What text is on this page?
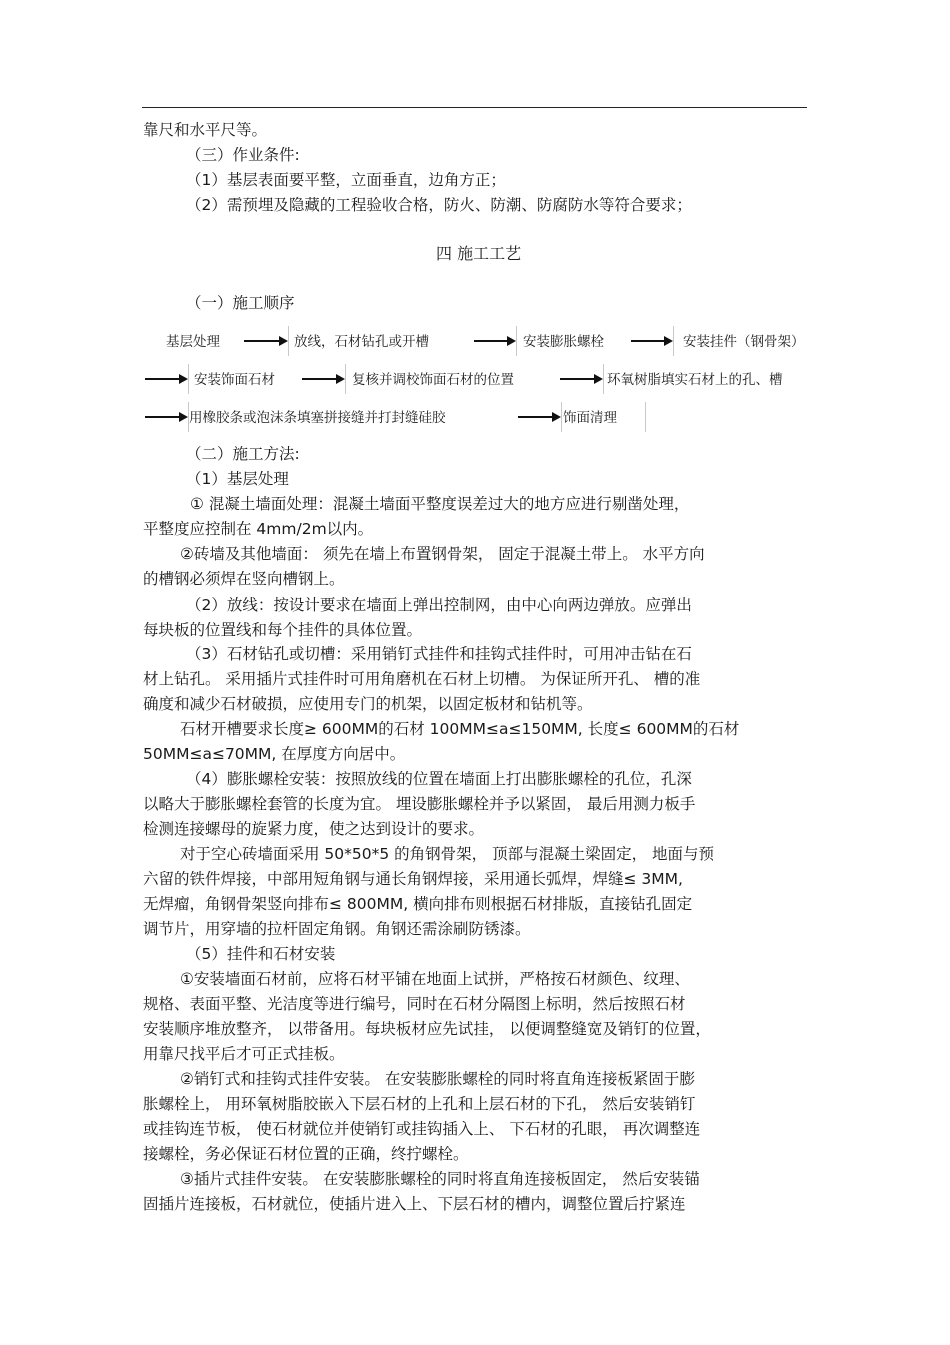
靠尺和水平尺等。
（三）作业条件:
（1）基层表面要平整，立面垂直，边角方正；
（2）需预埋及隐藏的工程验收合格，防火、防潮、防腐防水等符合要求；
四 施工工艺
（一）施工顺序
基层处理	放线，石材钻孔或开槽	安装膨胀螺栓	安装挂件（钢骨架）
安装饰面石材	复核并调校饰面石材的位置	环氧树脂填实石材上的孔、槽
用橡胶条或泡沫条填塞拼接缝并打封缝硅胶	饰面清理
（二）施工方法:
（1）基层处理
① 混凝土墙面处理：混凝土墙面平整度误差过大的地方应进行剔凿处理，
平整度应控制在 4mm/2m以内。
②砖墙及其他墙面： 须先在墙上布置钢骨架， 固定于混凝土带上。 水平方向
的槽钢必须焊在竖向槽钢上。
（2）放线：按设计要求在墙面上弹出控制网，由中心向两边弹放。应弹出
每块板的位置线和每个挂件的具体位置。
（3）石材钻孔或切槽：采用销钉式挂件和挂钩式挂件时，可用冲击钻在石
材上钻孔。 采用插片式挂件时可用角磨机在石材上切槽。 为保证所开孔、 槽的准
确度和减少石材破损，应使用专门的机架，以固定板材和钻机等。
石材开槽要求长度≥ 600MM的石材 100MM≤a≤150MM, 长度≤ 600MM的石材
50MM≤a≤70MM, 在厚度方向居中。
（4）膨胀螺栓安装：按照放线的位置在墙面上打出膨胀螺栓的孔位，孔深
以略大于膨胀螺栓套管的长度为宜。 埋设膨胀螺栓并予以紧固， 最后用测力板手
检测连接螺母的旋紧力度，使之达到设计的要求。
对于空心砖墙面采用 50*50*5 的角钢骨架， 顶部与混凝土梁固定， 地面与预
六留的铁件焊接，中部用短角钢与通长角钢焊接，采用通长弧焊，焊缝≤ 3MM,
无焊瘤，角钢骨架竖向排布≤ 800MM, 横向排布则根据石材排版，直接钻孔固定
调节片，用穿墙的拉杆固定角钢。角钢还需涂刷防锈漆。
（5）挂件和石材安装
①安装墙面石材前，应将石材平铺在地面上试拼，严格按石材颜色、纹理、
规格、表面平整、光洁度等进行编号，同时在石材分隔图上标明，然后按照石材
安装顺序堆放整齐， 以带备用。每块板材应先试挂， 以便调整缝宽及销钉的位置，
用靠尺找平后才可正式挂板。
②销钉式和挂钩式挂件安装。 在安装膨胀螺栓的同时将直角连接板紧固于膨
胀螺栓上， 用环氧树脂胶嵌入下层石材的上孔和上层石材的下孔， 然后安装销钉
或挂钩连节板， 使石材就位并使销钉或挂钩插入上、 下石材的孔眼， 再次调整连
接螺栓，务必保证石材位置的正确，终拧螺栓。
③插片式挂件安装。 在安装膨胀螺栓的同时将直角连接板固定， 然后安装锚
固插片连接板，石材就位，使插片进入上、下层石材的槽内，调整位置后拧紧连
